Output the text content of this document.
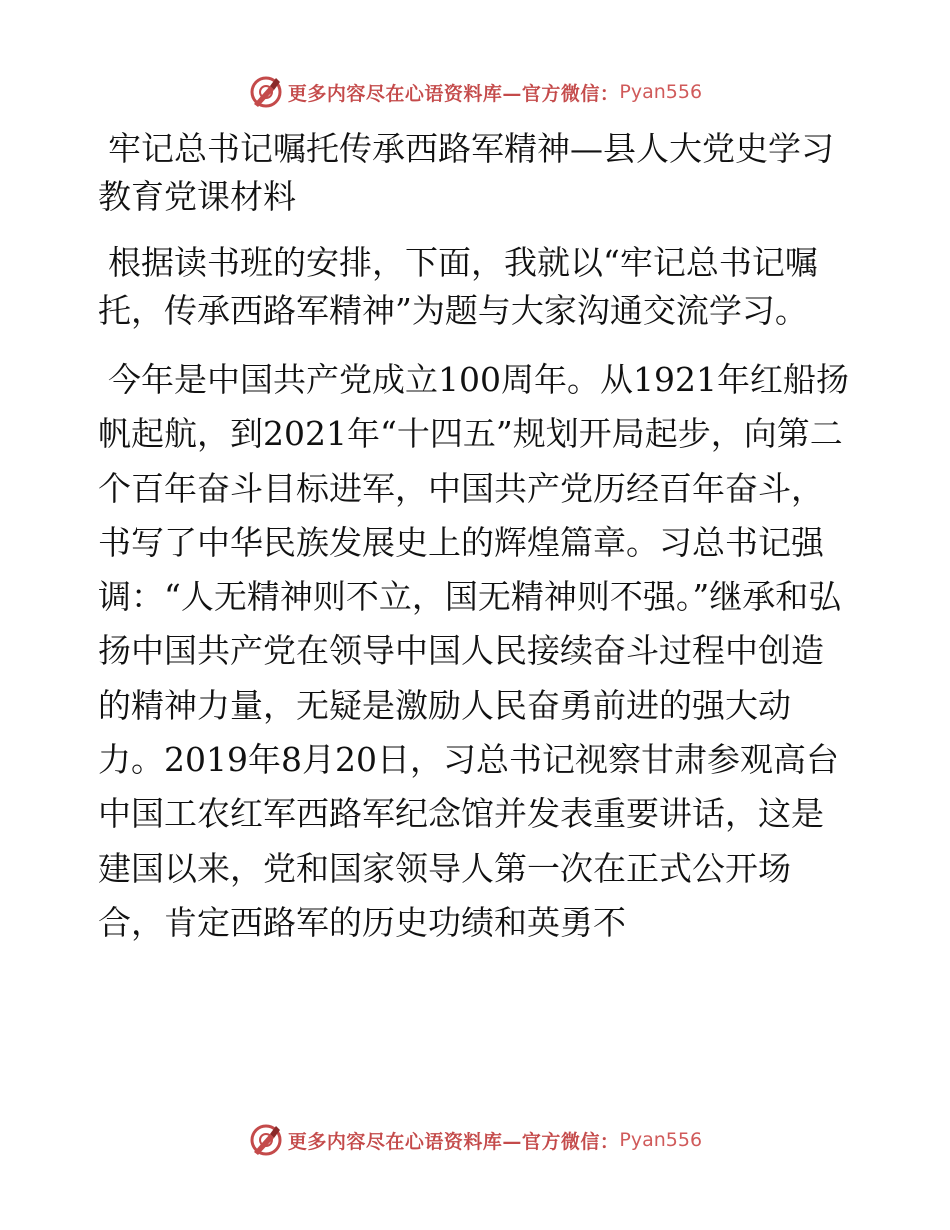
更多内容尽在心语资料库—官方微信： Pyan556

牢记总书记嘱托传承西路军精神—县人大党史学习教育党课材料

根据读书班的安排，下面，我就以“牢记总书记嘱托，传承西路军精神”为题与大家沟通交流学习。

今年是中国共产党成立100周年。从1921年红船扬帆起航，到2021年“十四五”规划开局起步，向第二个百年奋斗目标进军，中国共产党历经百年奋斗，书写了中华民族发展史上的辉煌篇章。习总书记强调：“人无精神则不立，国无精神则不强。”继承和弘扬中国共产党在领导中国人民接续奋斗过程中创造的精神力量，无疑是激励人民奋勇前进的强大动力。2019年8月20日，习总书记视察甘肃参观高台中国工农红军西路军纪念馆并发表重要讲话，这是建国以来，党和国家领导人第一次在正式公开场合，肯定西路军的历史功绩和英勇不

更多内容尽在心语资料库—官方微信： Pyan556
